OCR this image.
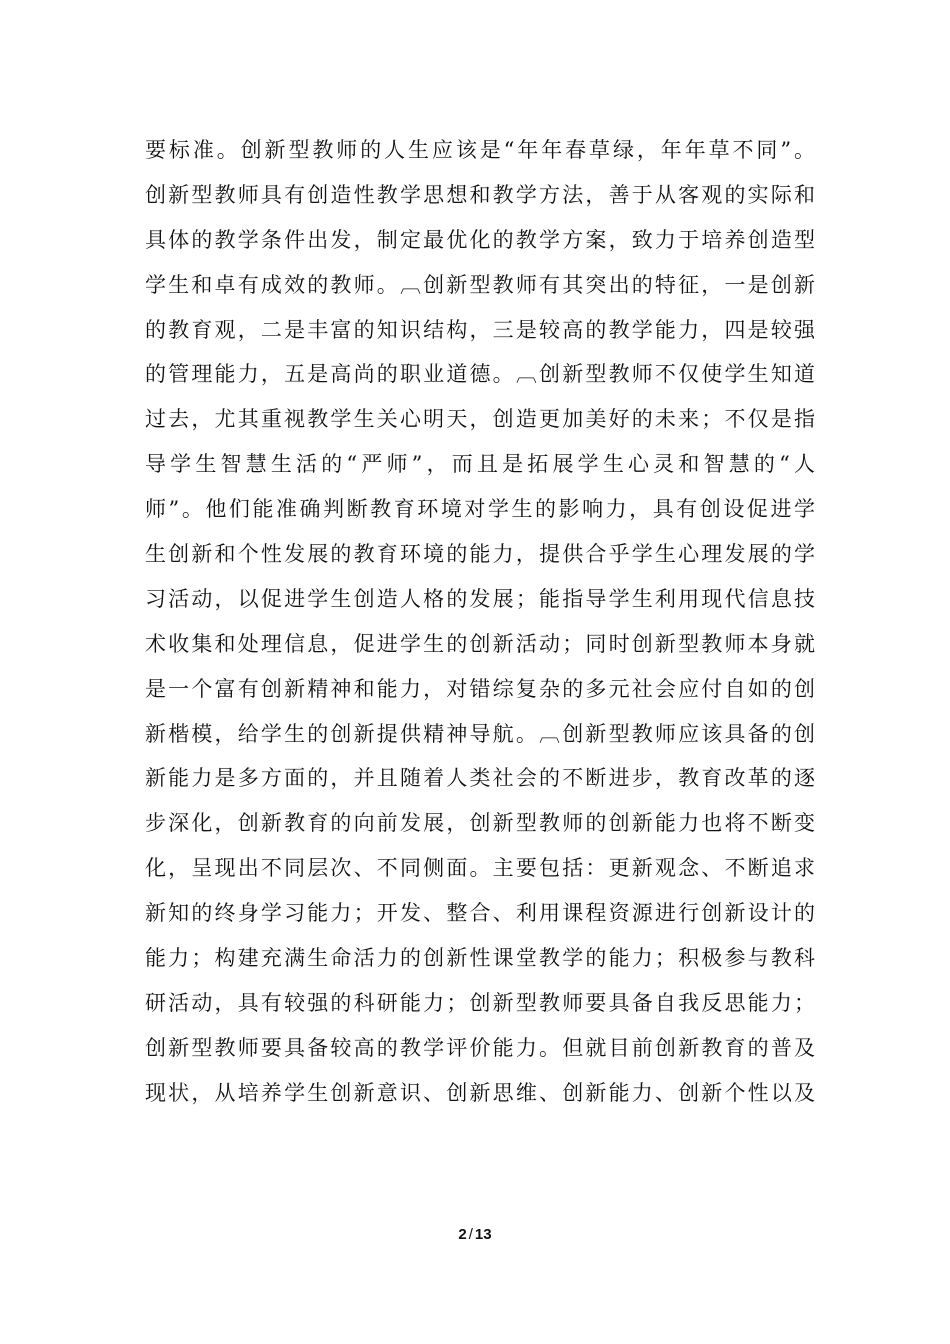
要标准。创新型教师的人生应该是“年年春草绿，年年草不同”。
创新型教师具有创造性教学思想和教学方法，善于从客观的实际和
具体的教学条件出发，制定最优化的教学方案，致力于培养创造型
学生和卓有成效的教师。︹创新型教师有其突出的特征，一是创新
的教育观，二是丰富的知识结构，三是较高的教学能力，四是较强
的管理能力，五是高尚的职业道德。︹创新型教师不仅使学生知道
过去，尤其重视教学生关心明天，创造更加美好的未来；不仅是指
导学生智慧生活的“严师”，而且是拓展学生心灵和智慧的“人
师”。他们能准确判断教育环境对学生的影响力，具有创设促进学
生创新和个性发展的教育环境的能力，提供合乎学生心理发展的学
习活动，以促进学生创造人格的发展；能指导学生利用现代信息技
术收集和处理信息，促进学生的创新活动；同时创新型教师本身就
是一个富有创新精神和能力，对错综复杂的多元社会应付自如的创
新楷模，给学生的创新提供精神导航。︹创新型教师应该具备的创
新能力是多方面的，并且随着人类社会的不断进步，教育改革的逐
步深化，创新教育的向前发展，创新型教师的创新能力也将不断变
化，呈现出不同层次、不同侧面。主要包括：更新观念、不断追求
新知的终身学习能力；开发、整合、利用课程资源进行创新设计的
能力；构建充满生命活力的创新性课堂教学的能力；积极参与教科
研活动，具有较强的科研能力；创新型教师要具备自我反思能力；
创新型教师要具备较高的教学评价能力。但就目前创新教育的普及
现状，从培养学生创新意识、创新思维、创新能力、创新个性以及
2 / 13
